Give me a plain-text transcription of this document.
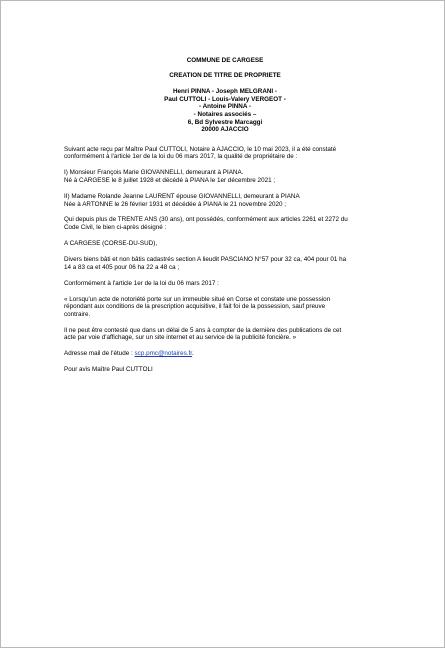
COMMUNE DE CARGESE
CREATION DE TITRE DE PROPRIETE
Henri PINNA - Joseph MELGRANI -
Paul CUTTOLI - Louis-Valery VERGEOT -
- Antoine PINNA -
- Notaires associés –
6, Bd Sylvestre Marcaggi
20000 AJACCIO

Suivant acte reçu par Maître Paul CUTTOLI, Notaire à AJACCIO, le 10 mai 2023, il a été constaté
conformément à l'article 1er de la loi du 06 mars 2017, la qualité de propriétaire de :

I) Monsieur François Marie GIOVANNELLI, demeurant à PIANA.
Né à CARGESE le 8 juillet 1928 et décédé à PIANA le 1er décembre 2021 ;

II) Madame Rolande Jeanne LAURENT épouse GIOVANNELLI, demeurant à PIANA
Née à ARTONNE le 26 février 1931 et décédée à PIANA le 21 novembre 2020 ;

Qui depuis plus de TRENTE ANS (30 ans), ont possédés, conformément aux articles 2261 et 2272 du
Code Civil, le bien ci-après désigné :

A CARGESE (CORSE-DU-SUD),

Divers biens bâti et non bâtis cadastrés section A lieudit PASCIANO N°57 pour 32 ca, 404 pour 01 ha
14 a 83 ca et 405 pour 06 ha 22 a 48 ca ;

Conformément à l'article 1er de la loi du 06 mars 2017 :

« Lorsqu'un acte de notoriété porte sur un immeuble situé en Corse et constate une possession
répondant aux conditions de la prescription acquisitive, il fait foi de la possession, sauf preuve
contraire.

Il ne peut être contesté que dans un délai de 5 ans à compter de la dernière des publications de cet
acte par voie d'affichage, sur un site internet et au service de la publicité foncière. »

Adresse mail de l'étude : scp.pmc@notaires.fr.

Pour avis Maître Paul CUTTOLI
